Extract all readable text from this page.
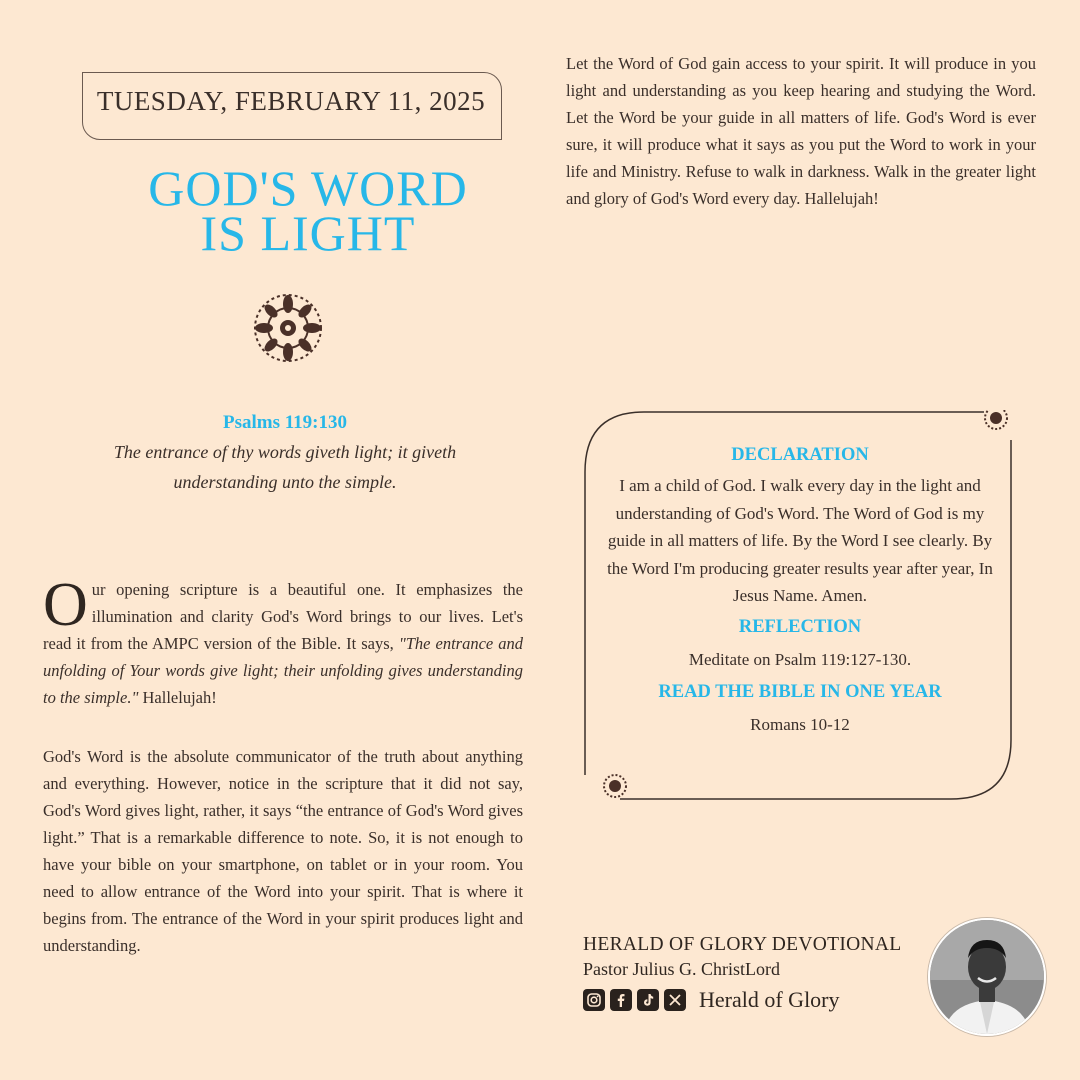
TUESDAY, FEBRUARY 11, 2025
GOD'S WORD
IS LIGHT
Psalms 119:130
The entrance of thy words giveth light; it giveth
understanding unto the simple.
Our opening scripture is a beautiful one. It emphasizes the illumination and clarity God's Word brings to our lives. Let's read it from the AMPC version of the Bible. It says, "The entrance and unfolding of Your words give light; their unfolding gives understanding to the simple." Hallelujah!
God's Word is the absolute communicator of the truth about anything and everything. However, notice in the scripture that it did not say, God's Word gives light, rather, it says “the entrance of God's Word gives light.” That is a remarkable difference to note. So, it is not enough to have your bible on your smartphone, on tablet or in your room. You need to allow entrance of the Word into your spirit. That is where it begins from. The entrance of the Word in your spirit produces light and understanding.
Let the Word of God gain access to your spirit. It will produce in you light and understanding as you keep hearing and studying the Word. Let the Word be your guide in all matters of life. God's Word is ever sure, it will produce what it says as you put the Word to work in your life and Ministry. Refuse to walk in darkness. Walk in the greater light and glory of God's Word every day. Hallelujah!

DECLARATION

I am a child of God. I walk every day in the light and understanding of God's Word. The Word of God is my guide in all matters of life. By the Word I see clearly. By the Word I'm producing greater results year after year, In Jesus Name. Amen.

REFLECTION

Meditate on Psalm 119:127-130.

READ THE BIBLE IN ONE YEAR

Romans 10-12

HERALD OF GLORY DEVOTIONAL
Pastor Julius G. ChristLord
Herald of Glory
